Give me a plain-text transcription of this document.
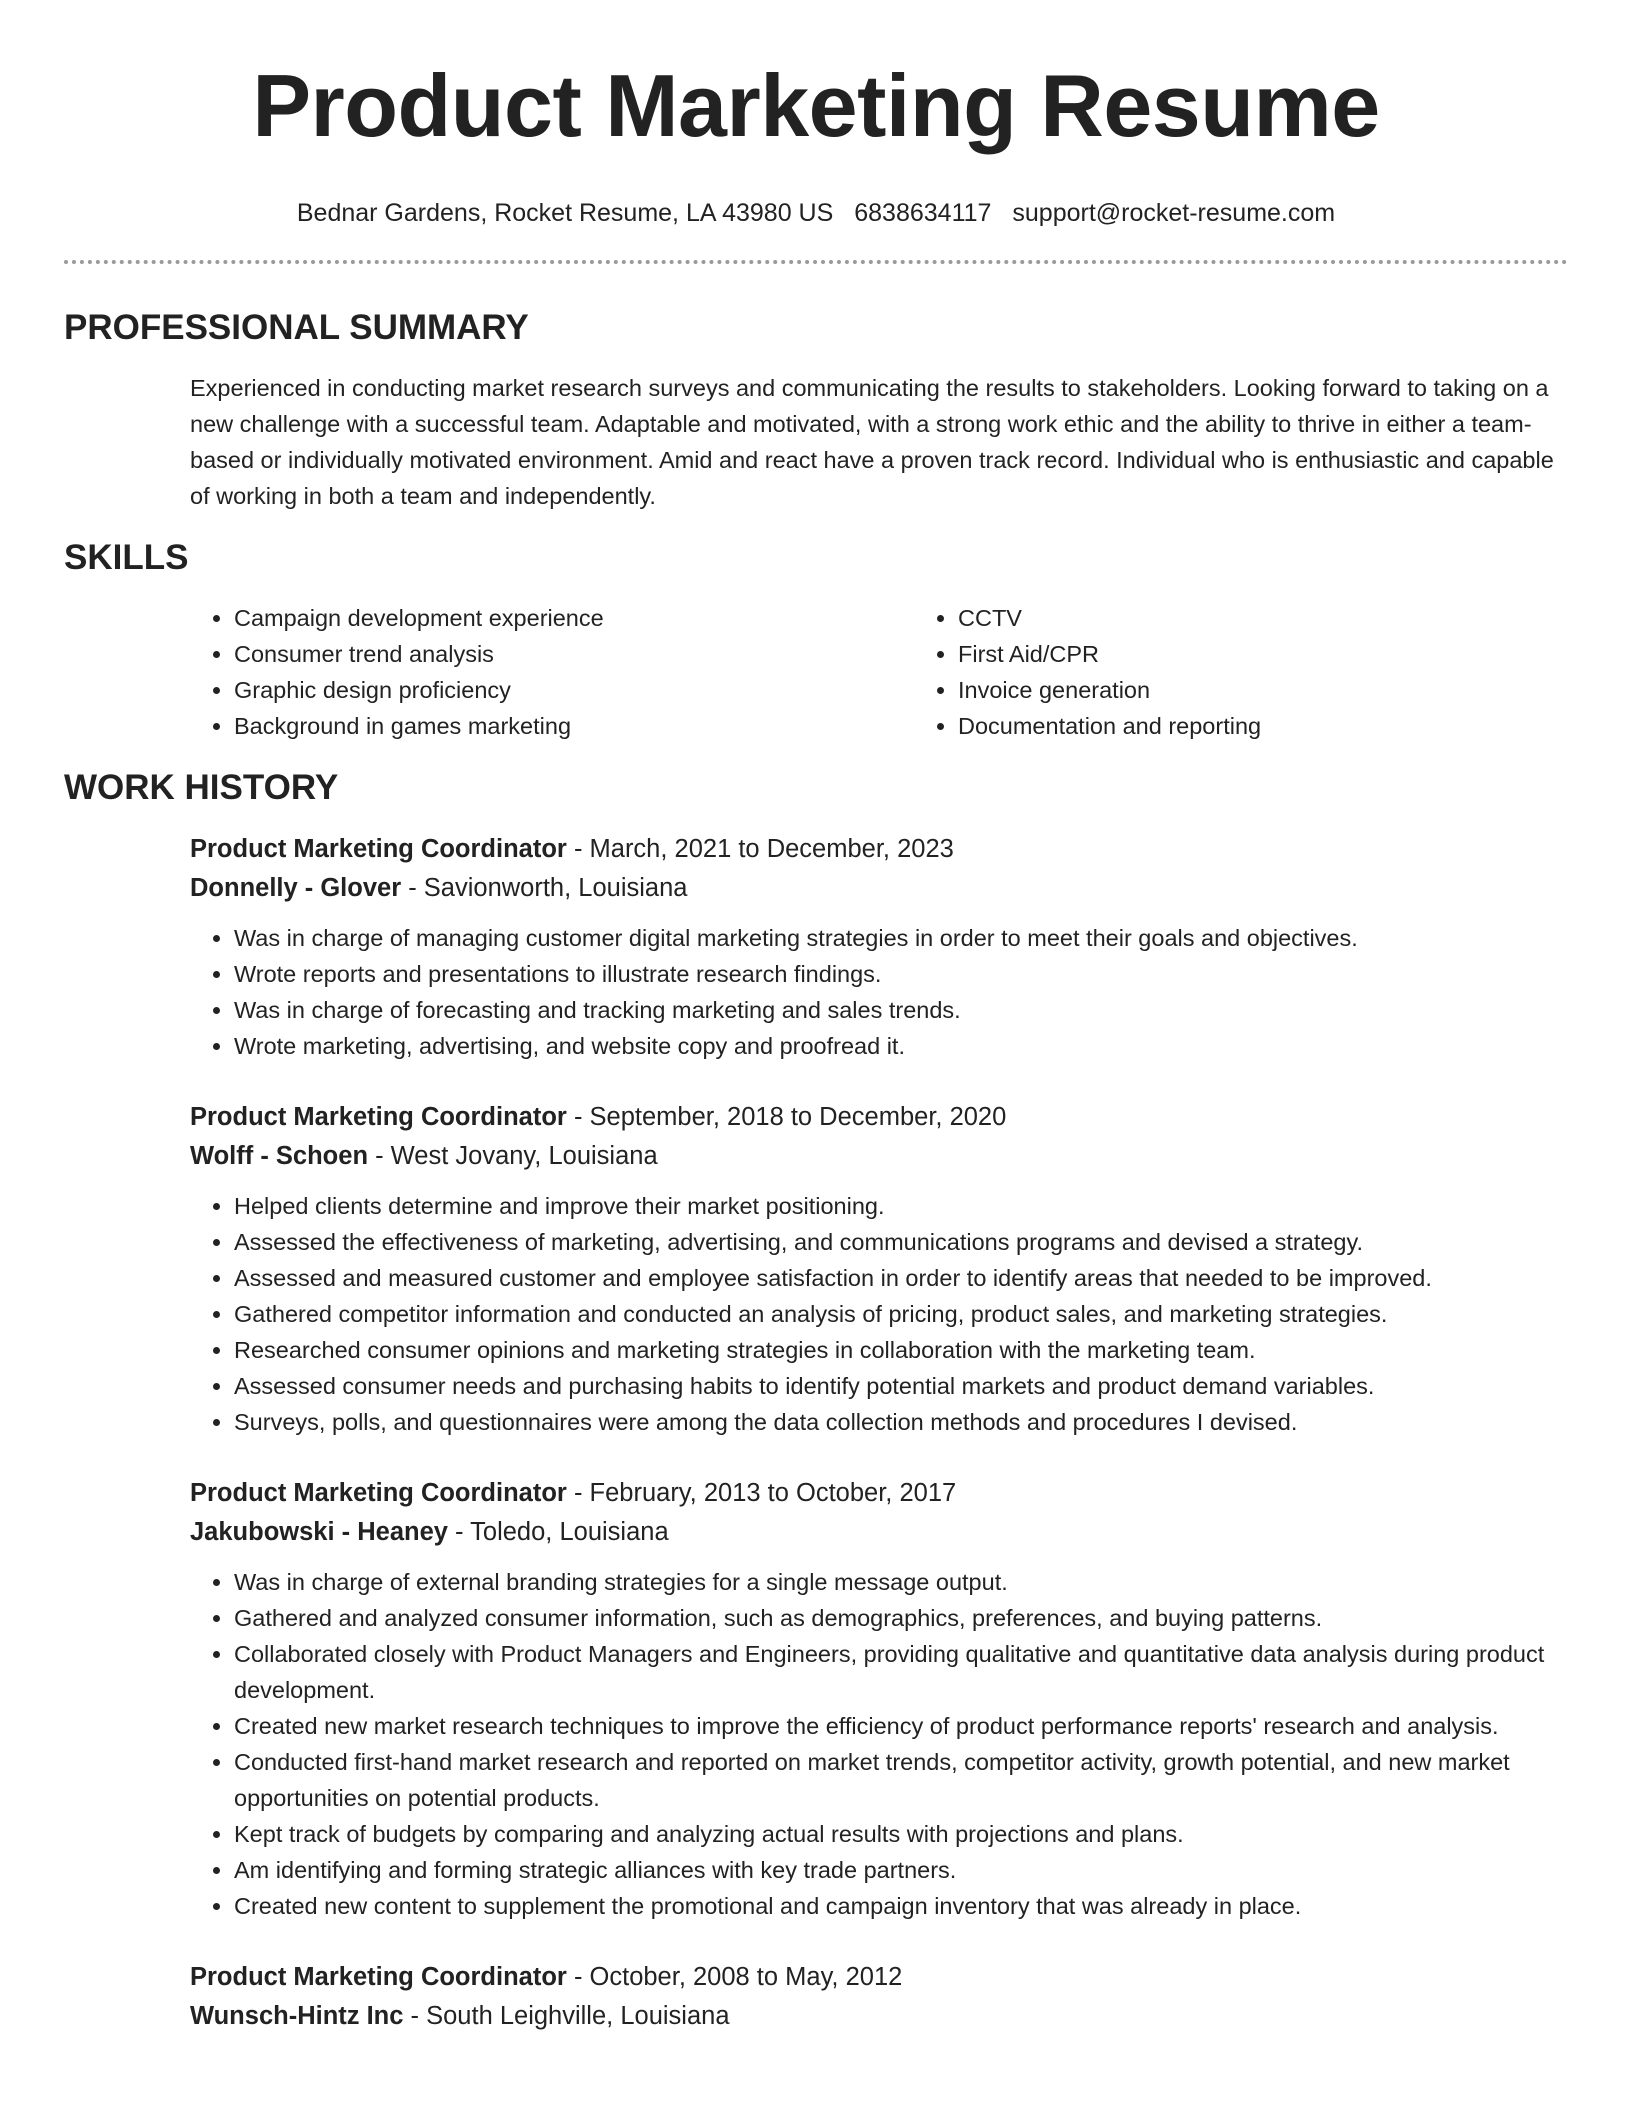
Product Marketing Resume
Bednar Gardens, Rocket Resume, LA 43980 US 6838634117 support@rocket-resume.com
PROFESSIONAL SUMMARY

Experienced in conducting market research surveys and communicating the results to stakeholders. Looking forward to taking on a new challenge with a successful team. Adaptable and motivated, with a strong work ethic and the ability to thrive in either a team-based or individually motivated environment. Amid and react have a proven track record. Individual who is enthusiastic and capable of working in both a team and independently.

SKILLS
• Campaign development experience
• Consumer trend analysis
• Graphic design proficiency
• Background in games marketing
• CCTV
• First Aid/CPR
• Invoice generation
• Documentation and reporting
WORK HISTORY
Product Marketing Coordinator - March, 2021 to December, 2023
Donnelly - Glover - Savionworth, Louisiana
• Was in charge of managing customer digital marketing strategies in order to meet their goals and objectives.
• Wrote reports and presentations to illustrate research findings.
• Was in charge of forecasting and tracking marketing and sales trends.
• Wrote marketing, advertising, and website copy and proofread it.
Product Marketing Coordinator - September, 2018 to December, 2020
Wolff - Schoen - West Jovany, Louisiana
• Helped clients determine and improve their market positioning.
• Assessed the effectiveness of marketing, advertising, and communications programs and devised a strategy.
• Assessed and measured customer and employee satisfaction in order to identify areas that needed to be improved.
• Gathered competitor information and conducted an analysis of pricing, product sales, and marketing strategies.
• Researched consumer opinions and marketing strategies in collaboration with the marketing team.
• Assessed consumer needs and purchasing habits to identify potential markets and product demand variables.
• Surveys, polls, and questionnaires were among the data collection methods and procedures I devised.
Product Marketing Coordinator - February, 2013 to October, 2017
Jakubowski - Heaney - Toledo, Louisiana
• Was in charge of external branding strategies for a single message output.
• Gathered and analyzed consumer information, such as demographics, preferences, and buying patterns.
• Collaborated closely with Product Managers and Engineers, providing qualitative and quantitative data analysis during product development.
• Created new market research techniques to improve the efficiency of product performance reports' research and analysis.
• Conducted first-hand market research and reported on market trends, competitor activity, growth potential, and new market opportunities on potential products.
• Kept track of budgets by comparing and analyzing actual results with projections and plans.
• Am identifying and forming strategic alliances with key trade partners.
• Created new content to supplement the promotional and campaign inventory that was already in place.
Product Marketing Coordinator - October, 2008 to May, 2012
Wunsch-Hintz Inc - South Leighville, Louisiana
